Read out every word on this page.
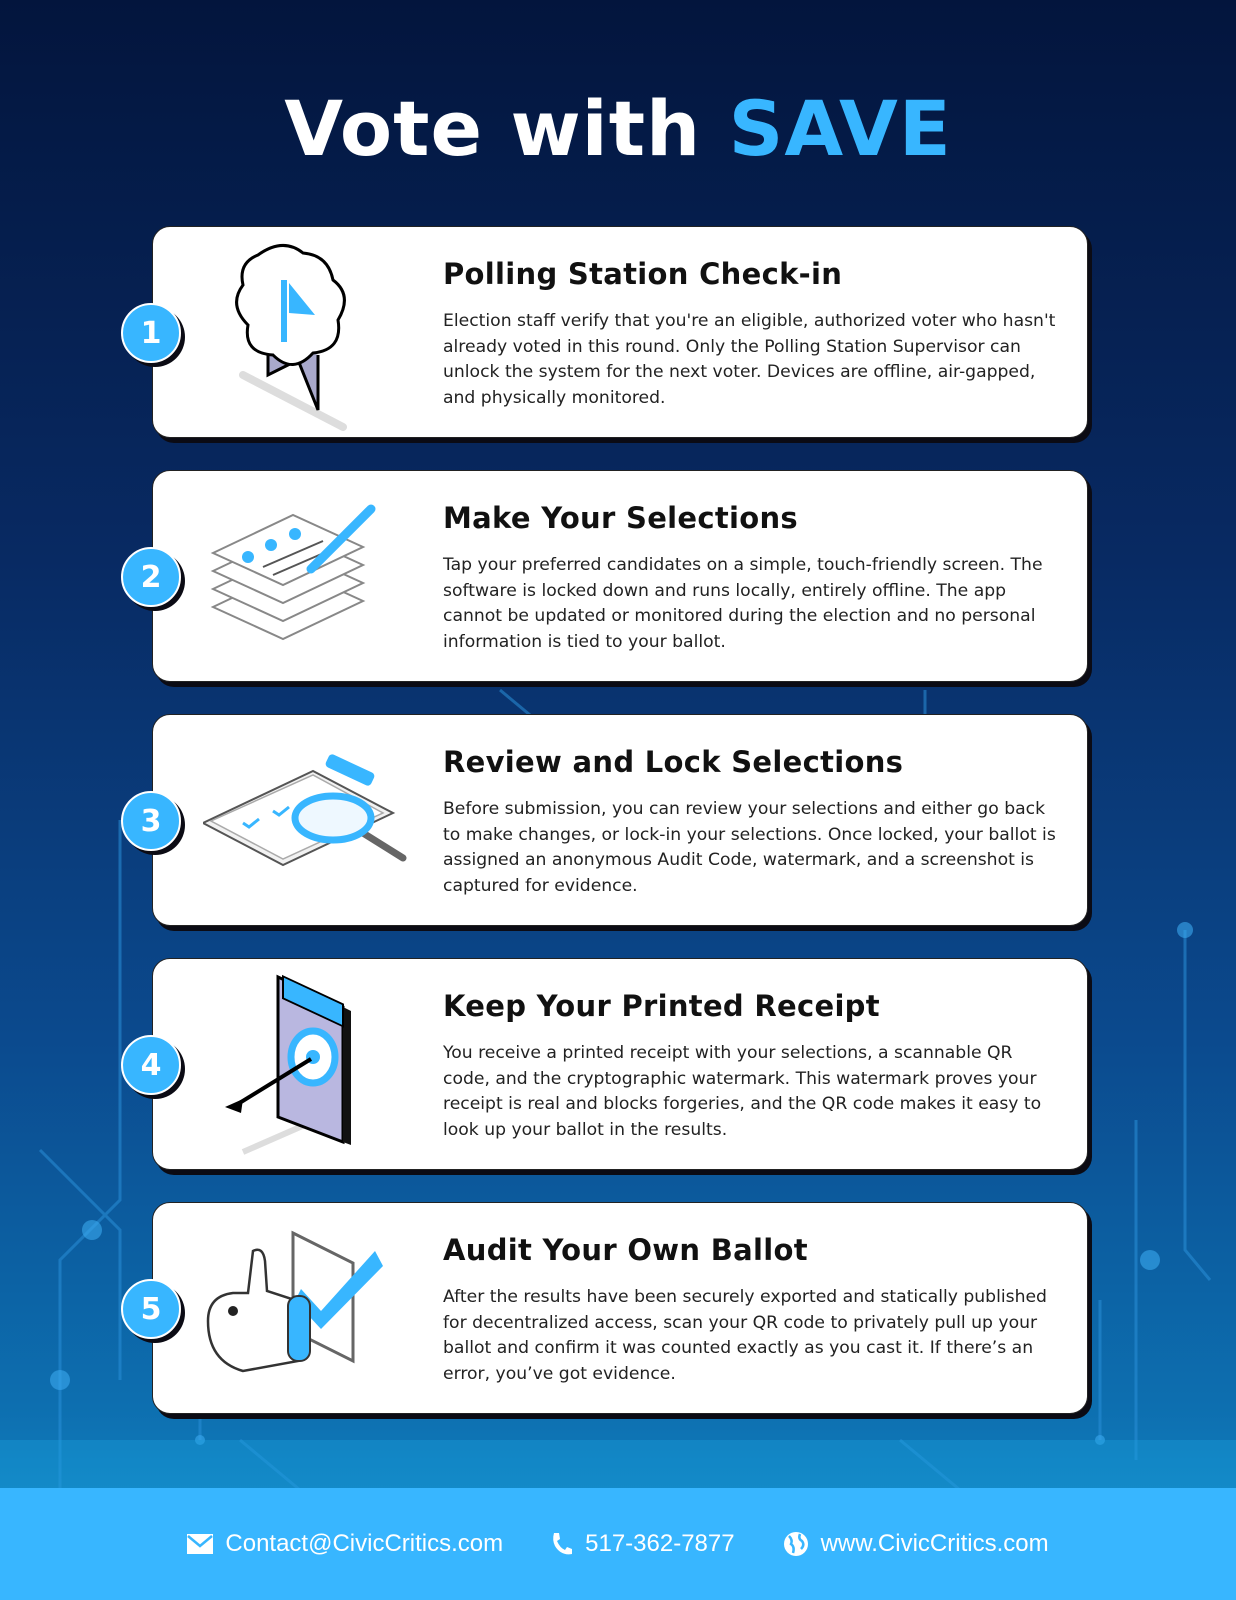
Vote with SAVE
1
Polling Station Check-in
Election staff verify that you're an eligible, authorized voter who hasn't already voted in this round. Only the Polling Station Supervisor can unlock the system for the next voter. Devices are offline, air-gapped, and physically monitored.
2
Make Your Selections
Tap your preferred candidates on a simple, touch-friendly screen. The software is locked down and runs locally, entirely offline. The app cannot be updated or monitored during the election and no personal information is tied to your ballot.
3
Review and Lock Selections
Before submission, you can review your selections and either go back to make changes, or lock-in your selections. Once locked, your ballot is assigned an anonymous Audit Code, watermark, and a screenshot is captured for evidence.
4
Keep Your Printed Receipt
You receive a printed receipt with your selections, a scannable QR code, and the cryptographic watermark. This watermark proves your receipt is real and blocks forgeries, and the QR code makes it easy to look up your ballot in the results.
5
Audit Your Own Ballot
After the results have been securely exported and statically published for decentralized access, scan your QR code to privately pull up your ballot and confirm it was counted exactly as you cast it. If there’s an error, you’ve got evidence.
Contact@CivicCritics.com	517-362-7877	www.CivicCritics.com
